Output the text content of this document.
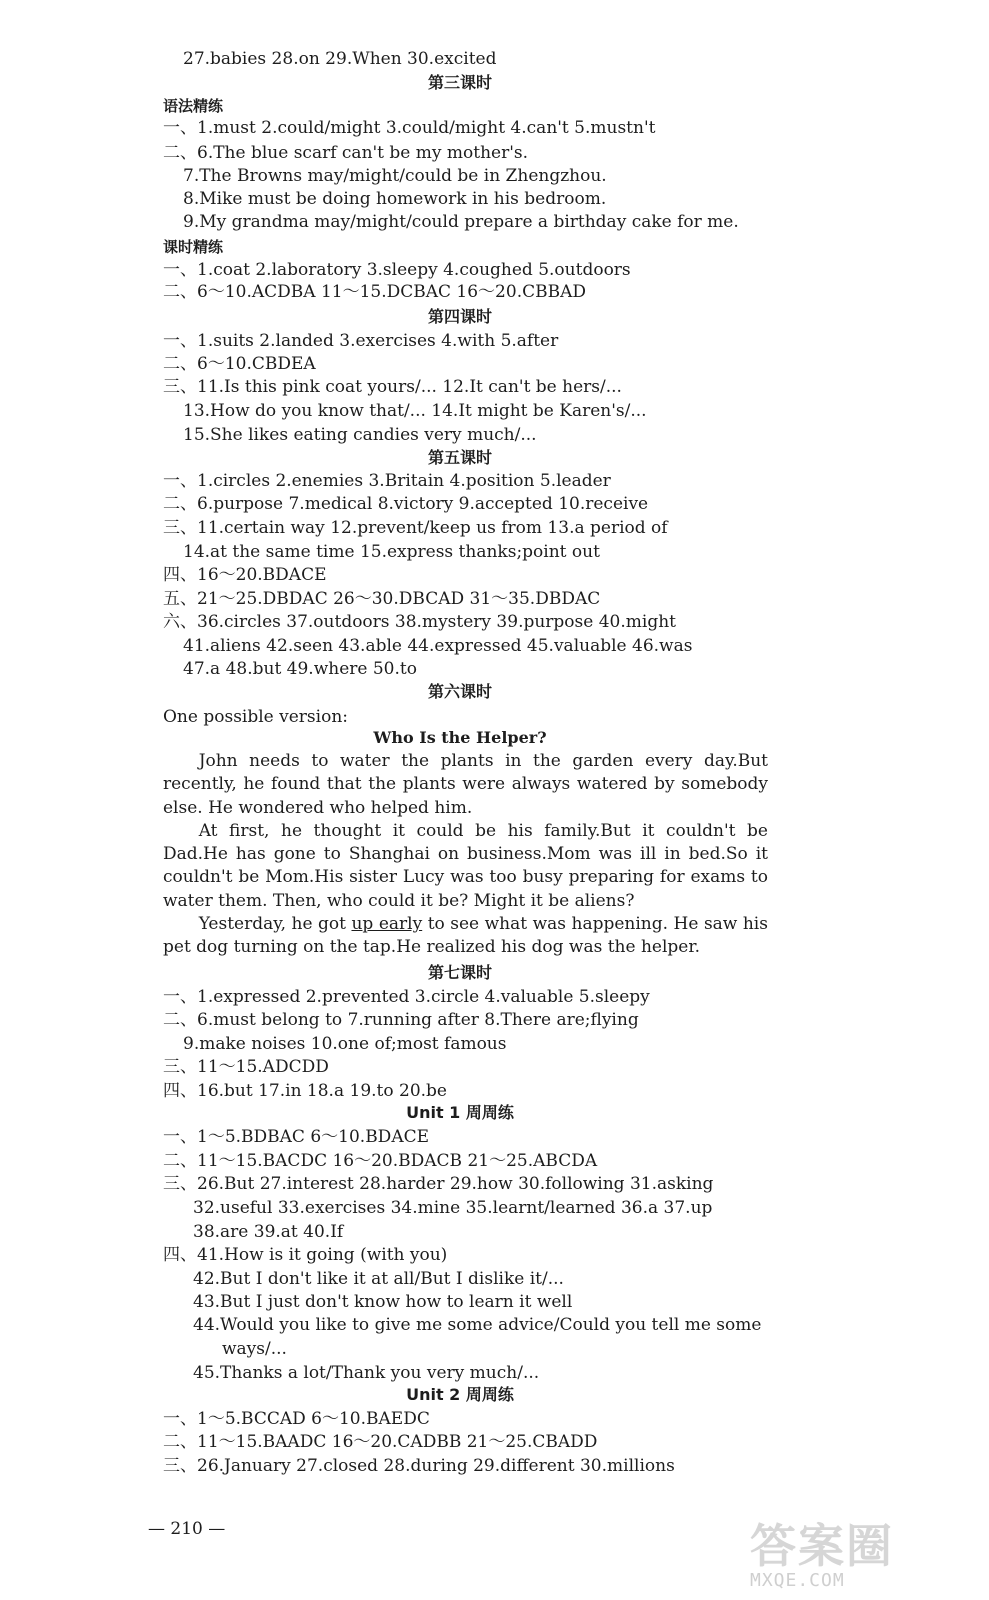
27.babies 28.on 29.When 30.excited
一、1.must 2.could/might 3.could/might 4.can't 5.mustn't
二、6.The blue scarf can't be my mother's.
7.The Browns may/might/could be in Zhengzhou.
8.Mike must be doing homework in his bedroom.
9.My grandma may/might/could prepare a birthday cake for me.
一、1.coat 2.laboratory 3.sleepy 4.coughed 5.outdoors
二、6～10.ACDBA 11～15.DCBAC 16～20.CBBAD
一、1.suits 2.landed 3.exercises 4.with 5.after
二、6～10.CBDEA
三、11.Is this pink coat yours/... 12.It can't be hers/...
13.How do you know that/... 14.It might be Karen's/...
15.She likes eating candies very much/...
一、1.circles 2.enemies 3.Britain 4.position 5.leader
二、6.purpose 7.medical 8.victory 9.accepted 10.receive
三、11.certain way 12.prevent/keep us from 13.a period of
14.at the same time 15.express thanks;point out
四、16～20.BDACE
五、21～25.DBDAC 26～30.DBCAD 31～35.DBDAC
六、36.circles 37.outdoors 38.mystery 39.purpose 40.might
41.aliens 42.seen 43.able 44.expressed 45.valuable 46.was
47.a 48.but 49.where 50.to
One possible version:
一、1.expressed 2.prevented 3.circle 4.valuable 5.sleepy
二、6.must belong to 7.running after 8.There are;flying
9.make noises 10.one of;most famous
三、11～15.ADCDD
四、16.but 17.in 18.a 19.to 20.be
一、1～5.BDBAC 6～10.BDACE
二、11～15.BACDC 16～20.BDACB 21～25.ABCDA
三、26.But 27.interest 28.harder 29.how 30.following 31.asking
32.useful 33.exercises 34.mine 35.learnt/learned 36.a 37.up
38.are 39.at 40.If
四、41.How is it going (with you)
42.But I don't like it at all/But I dislike it/...
43.But I just don't know how to learn it well
44.Would you like to give me some advice/Could you tell me some
ways/...
45.Thanks a lot/Thank you very much/...
一、1～5.BCCAD 6～10.BAEDC
二、11～15.BAADC 16～20.CADBB 21～25.CBADD
三、26.January 27.closed 28.during 29.different 30.millions
第三课时
第四课时
第五课时
第六课时
第七课时
Unit 1 周周练
Unit 2 周周练
语法精练
课时精练
Who Is the Helper?

John needs to water the plants in the garden every day.But recently, he found that the plants were always watered by somebody else. He wondered who helped him.

At first, he thought it could be his family.But it couldn't be Dad.He has gone to Shanghai on business.Mom was ill in bed.So it couldn't be Mom.His sister Lucy was too busy preparing for exams to water them. Then, who could it be? Might it be aliens?

Yesterday, he got up early to see what was happening. He saw his pet dog turning on the tap.He realized his dog was the helper.

— 210 —	答案圈
MXQE.COM
